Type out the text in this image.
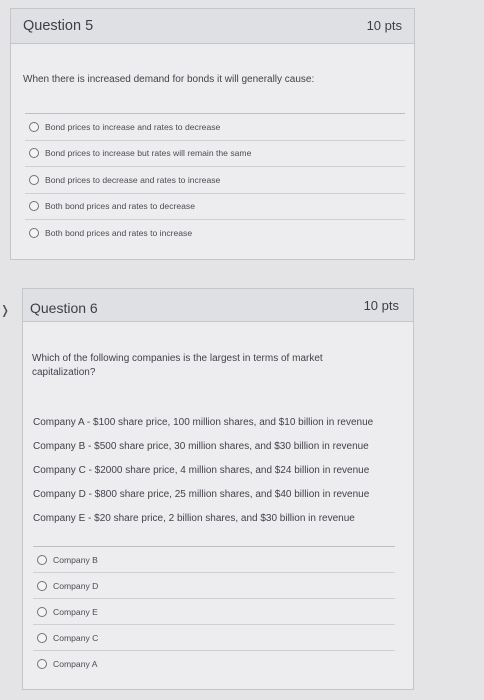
❭
Question 5	10 pts
When there is increased demand for bonds it will generally cause:
Bond prices to increase and rates to decrease
Bond prices to increase but rates will remain the same
Bond prices to decrease and rates to increase
Both bond prices and rates to decrease
Both bond prices and rates to increase
Question 6	10 pts
Which of the following companies is the largest in terms of market capitalization?
Company A - $100 share price, 100 million shares, and $10 billion in revenue
Company B - $500 share price, 30 million shares, and $30 billion in revenue
Company C - $2000 share price, 4 million shares, and $24 billion in revenue
Company D - $800 share price, 25 million shares, and $40 billion in revenue
Company E - $20 share price, 2 billion shares, and $30 billion in revenue
Company B
Company D
Company E
Company C
Company A
